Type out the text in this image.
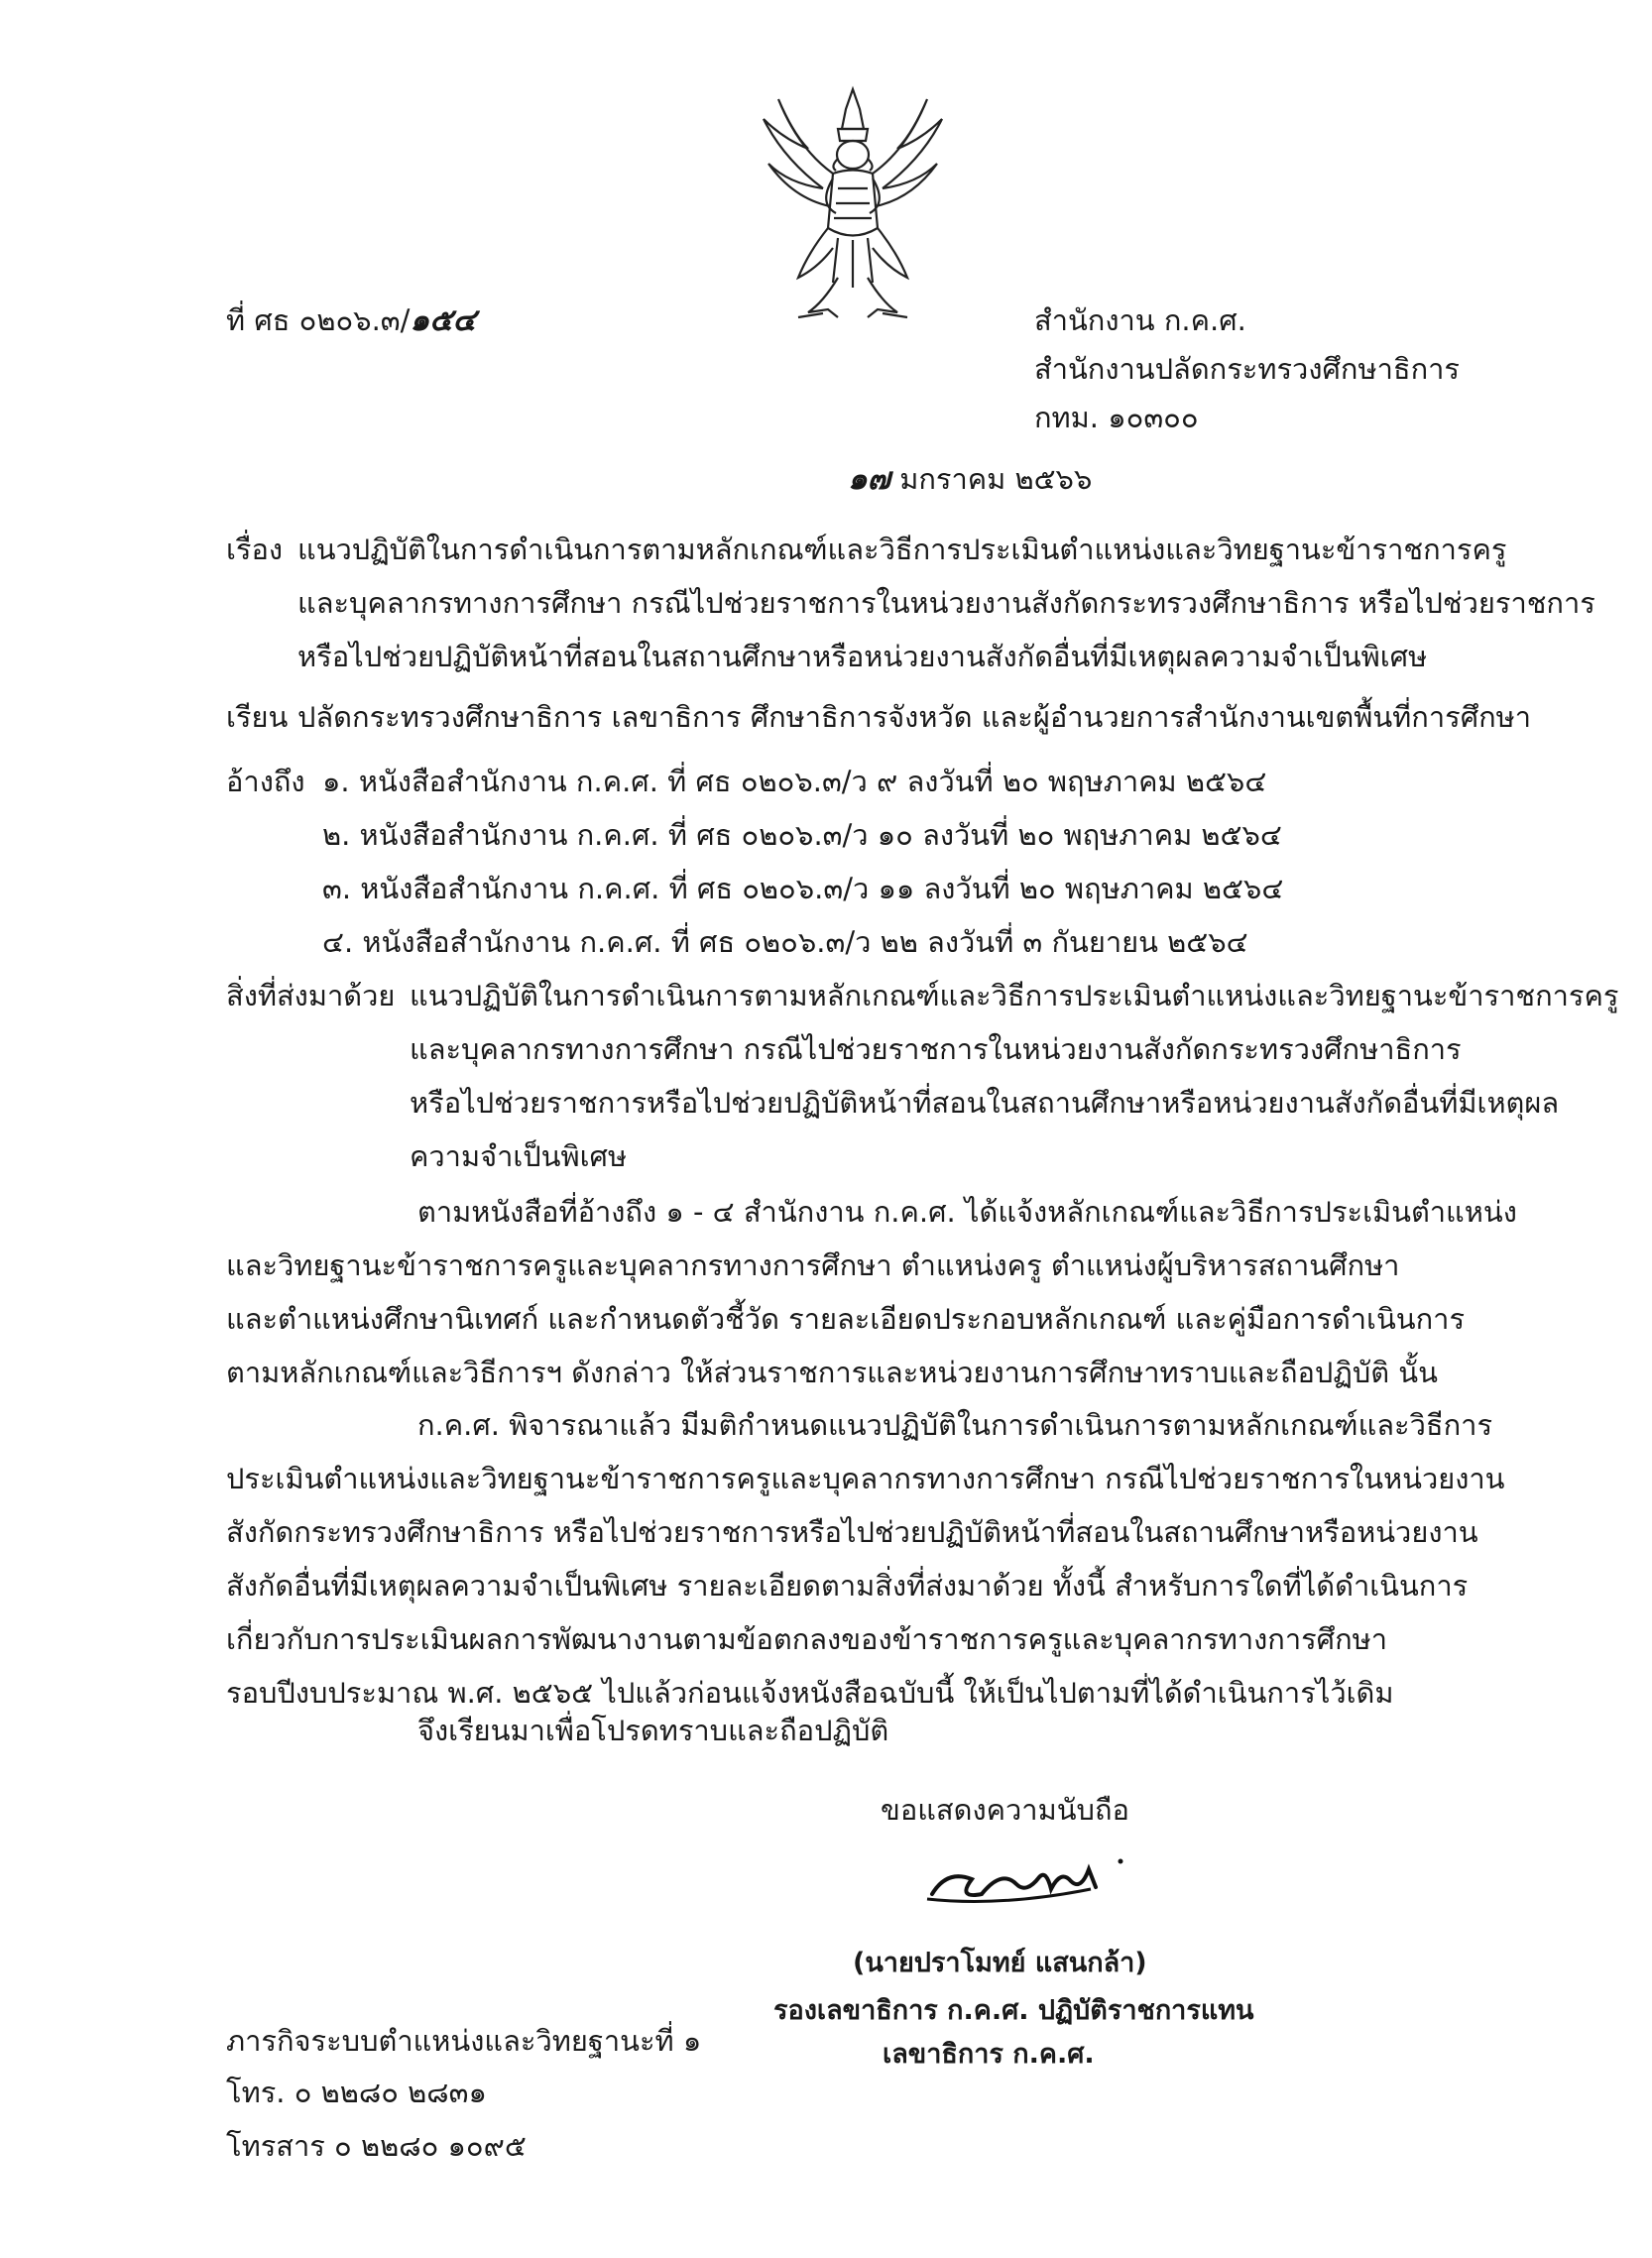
ที่ ศธ ๐๒๐๖.๓/๑๕๔	สำนักงาน ก.ค.ศ.
สำนักงานปลัดกระทรวงศึกษาธิการ
กทม. ๑๐๓๐๐
๑๗ มกราคม ๒๕๖๖
เรื่อง แนวปฏิบัติในการดำเนินการตามหลักเกณฑ์และวิธีการประเมินตำแหน่งและวิทยฐานะข้าราชการครู
และบุคลากรทางการศึกษา กรณีไปช่วยราชการในหน่วยงานสังกัดกระทรวงศึกษาธิการ หรือไปช่วยราชการ
หรือไปช่วยปฏิบัติหน้าที่สอนในสถานศึกษาหรือหน่วยงานสังกัดอื่นที่มีเหตุผลความจำเป็นพิเศษ
เรียน ปลัดกระทรวงศึกษาธิการ เลขาธิการ ศึกษาธิการจังหวัด และผู้อำนวยการสำนักงานเขตพื้นที่การศึกษา
อ้างถึง ๑. หนังสือสำนักงาน ก.ค.ศ. ที่ ศธ ๐๒๐๖.๓/ว ๙ ลงวันที่ ๒๐ พฤษภาคม ๒๕๖๔
๒. หนังสือสำนักงาน ก.ค.ศ. ที่ ศธ ๐๒๐๖.๓/ว ๑๐ ลงวันที่ ๒๐ พฤษภาคม ๒๕๖๔
๓. หนังสือสำนักงาน ก.ค.ศ. ที่ ศธ ๐๒๐๖.๓/ว ๑๑ ลงวันที่ ๒๐ พฤษภาคม ๒๕๖๔
๔. หนังสือสำนักงาน ก.ค.ศ. ที่ ศธ ๐๒๐๖.๓/ว ๒๒ ลงวันที่ ๓ กันยายน ๒๕๖๔
สิ่งที่ส่งมาด้วย แนวปฏิบัติในการดำเนินการตามหลักเกณฑ์และวิธีการประเมินตำแหน่งและวิทยฐานะข้าราชการครู
และบุคลากรทางการศึกษา กรณีไปช่วยราชการในหน่วยงานสังกัดกระทรวงศึกษาธิการ
หรือไปช่วยราชการหรือไปช่วยปฏิบัติหน้าที่สอนในสถานศึกษาหรือหน่วยงานสังกัดอื่นที่มีเหตุผล
ความจำเป็นพิเศษ
ตามหนังสือที่อ้างถึง ๑ - ๔ สำนักงาน ก.ค.ศ. ได้แจ้งหลักเกณฑ์และวิธีการประเมินตำแหน่ง
และวิทยฐานะข้าราชการครูและบุคลากรทางการศึกษา ตำแหน่งครู ตำแหน่งผู้บริหารสถานศึกษา
และตำแหน่งศึกษานิเทศก์ และกำหนดตัวชี้วัด รายละเอียดประกอบหลักเกณฑ์ และคู่มือการดำเนินการ
ตามหลักเกณฑ์และวิธีการฯ ดังกล่าว ให้ส่วนราชการและหน่วยงานการศึกษาทราบและถือปฏิบัติ นั้น
ก.ค.ศ. พิจารณาแล้ว มีมติกำหนดแนวปฏิบัติในการดำเนินการตามหลักเกณฑ์และวิธีการ
ประเมินตำแหน่งและวิทยฐานะข้าราชการครูและบุคลากรทางการศึกษา กรณีไปช่วยราชการในหน่วยงาน
สังกัดกระทรวงศึกษาธิการ หรือไปช่วยราชการหรือไปช่วยปฏิบัติหน้าที่สอนในสถานศึกษาหรือหน่วยงาน
สังกัดอื่นที่มีเหตุผลความจำเป็นพิเศษ รายละเอียดตามสิ่งที่ส่งมาด้วย ทั้งนี้ สำหรับการใดที่ได้ดำเนินการ
เกี่ยวกับการประเมินผลการพัฒนางานตามข้อตกลงของข้าราชการครูและบุคลากรทางการศึกษา
รอบปีงบประมาณ พ.ศ. ๒๕๖๕ ไปแล้วก่อนแจ้งหนังสือฉบับนี้ ให้เป็นไปตามที่ได้ดำเนินการไว้เดิม
จึงเรียนมาเพื่อโปรดทราบและถือปฏิบัติ
ขอแสดงความนับถือ
(นายปราโมทย์ แสนกล้า)
รองเลขาธิการ ก.ค.ศ. ปฏิบัติราชการแทน
เลขาธิการ ก.ค.ศ.
ภารกิจระบบตำแหน่งและวิทยฐานะที่ ๑
โทร. ๐ ๒๒๘๐ ๒๘๓๑
โทรสาร ๐ ๒๒๘๐ ๑๐๙๕
